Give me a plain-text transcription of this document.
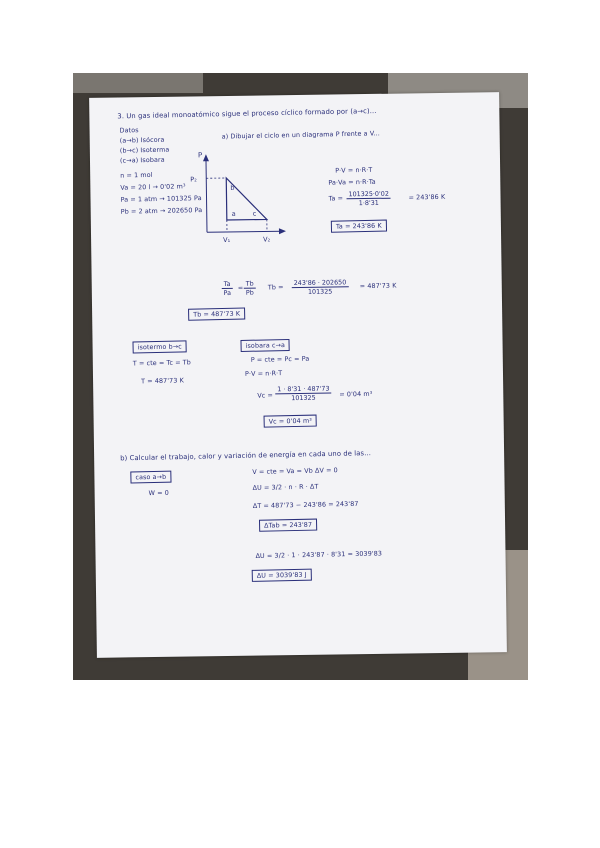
3. Un gas ideal monoatómico sigue el proceso cíclico formado por (a→c)...
Datos
(a→b) Isócora
(b→c) Isoterma
(c→a) Isobara
n = 1 mol
Va = 20 l → 0'02 m³
Pa = 1 atm → 101325 Pa
Pb = 2 atm → 202650 Pa
a) Dibujar el ciclo en un diagrama P frente a V...
P
P₂
V₁	V₂
a
b
c
P·V = n·R·T
Pa·Va = n·R·Ta
$Ta = \frac{101325\cdot 0'02}{1\cdot 8'31}$	= 243'86 K
Ta = 243'86 K
$\frac{Ta}{Pa} = \frac{Tb}{Pb}$ $Tb = \frac{243'86 \cdot 202650}{101325} = 487'73$ K
Tb = 487'73 K
isotermo b→c
T = cte = Tc = Tb
T = 487'73 K
isobara c→a
P = cte = Pc = Pa
P·V = n·R·T
$Vc = \frac{1 \cdot 8'31 \cdot 487'73}{101325} = 0'04$ m³
Vc = 0'04 m³
b) Calcular el trabajo, calor y variación de energía en cada uno de las...
caso a→b
W = 0
V = cte = Va = Vb ΔV = 0
ΔU = 3/2 · n · R · ΔT
ΔT = 487'73 − 243'86 = 243'87
ΔTab = 243'87
ΔU = 3/2 · 1 · 243'87 · 8'31 = 3039'83
ΔU = 3039'83 J
